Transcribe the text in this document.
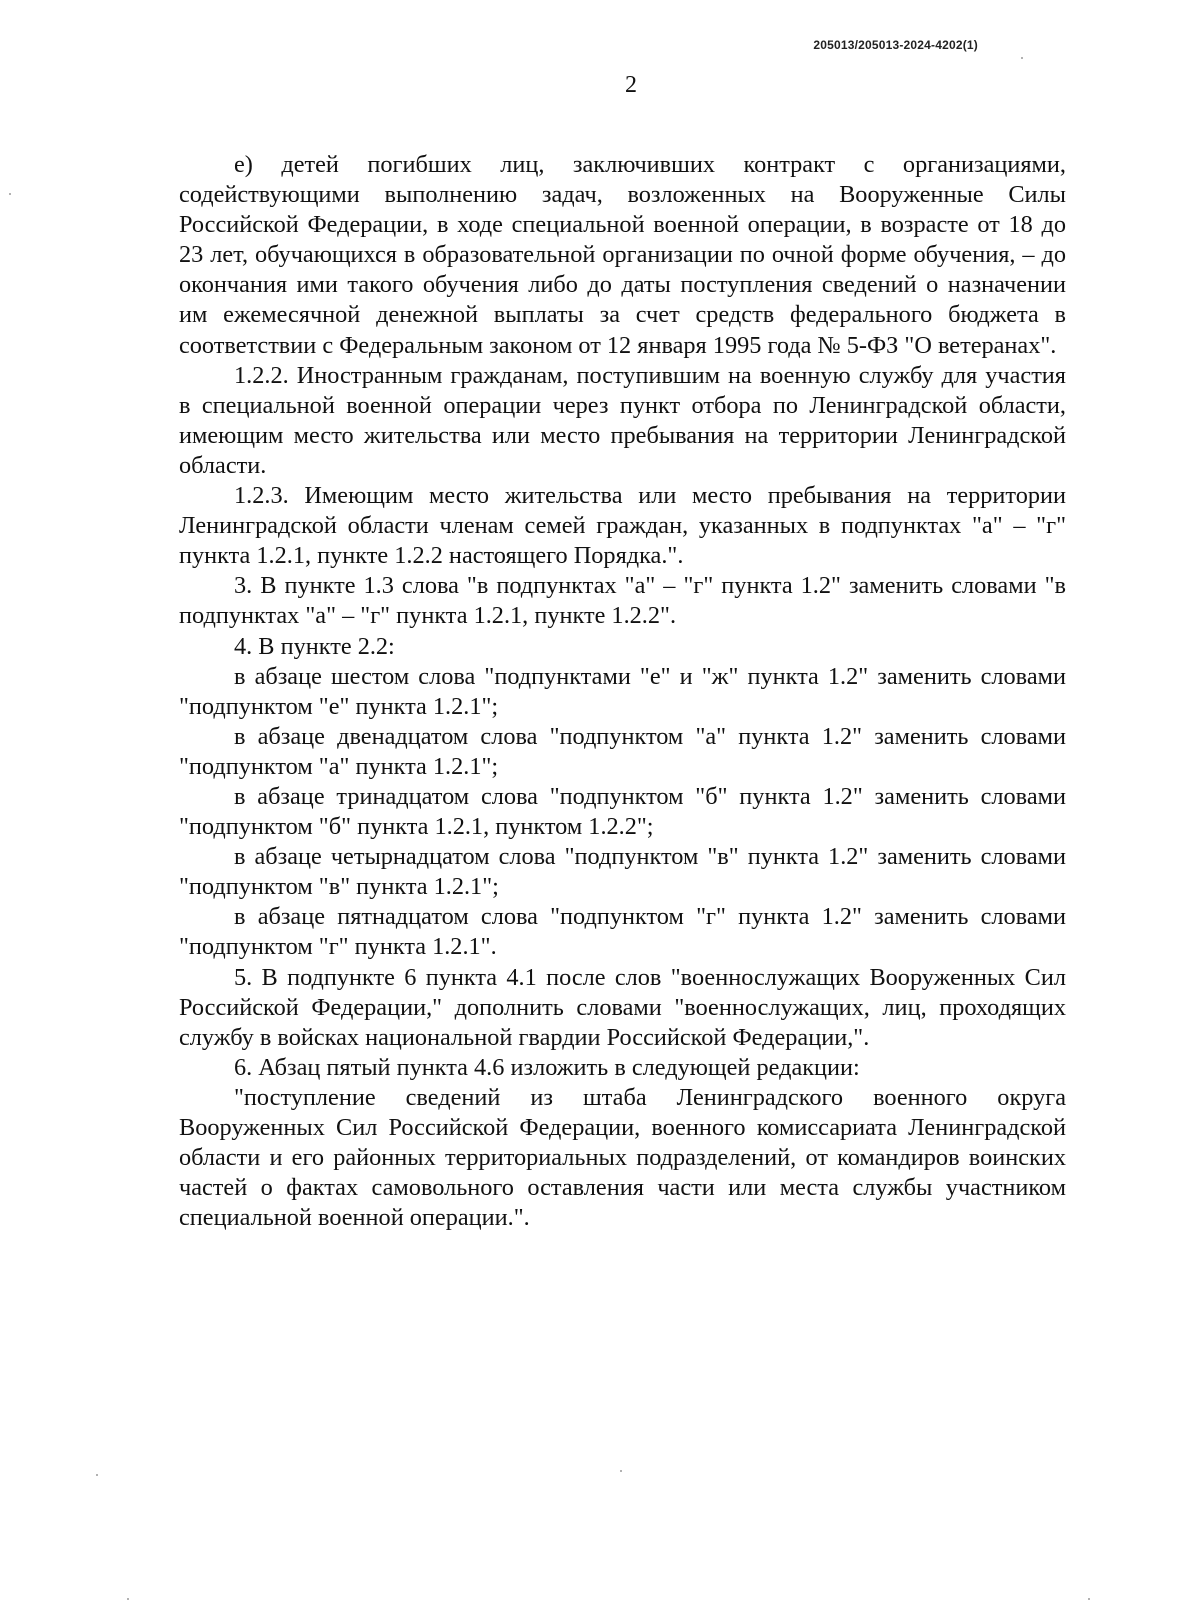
205013/205013-2024-4202(1)
2

е) детей погибших лиц, заключивших контракт с организациями, содействующими выполнению задач, возложенных на Вооруженные Силы Российской Федерации, в ходе специальной военной операции, в возрасте от 18 до 23 лет, обучающихся в образовательной организации по очной форме обучения, – до окончания ими такого обучения либо до даты поступления сведений о назначении им ежемесячной денежной выплаты за счет средств федерального бюджета в соответствии с Федеральным законом от 12 января 1995 года № 5-ФЗ "О ветеранах".

1.2.2. Иностранным гражданам, поступившим на военную службу для участия в специальной военной операции через пункт отбора по Ленинградской области, имеющим место жительства или место пребывания на территории Ленинградской области.

1.2.3. Имеющим место жительства или место пребывания на территории Ленинградской области членам семей граждан, указанных в подпунктах "а" – "г" пункта 1.2.1, пункте 1.2.2 настоящего Порядка.".

3. В пункте 1.3 слова "в подпунктах "а" – "г" пункта 1.2" заменить словами "в подпунктах "а" – "г" пункта 1.2.1, пункте 1.2.2".

4. В пункте 2.2:

в абзаце шестом слова "подпунктами "е" и "ж" пункта 1.2" заменить словами "подпунктом "е" пункта 1.2.1";

в абзаце двенадцатом слова "подпунктом "а" пункта 1.2" заменить словами "подпунктом "а" пункта 1.2.1";

в абзаце тринадцатом слова "подпунктом "б" пункта 1.2" заменить словами "подпунктом "б" пункта 1.2.1, пунктом 1.2.2";

в абзаце четырнадцатом слова "подпунктом "в" пункта 1.2" заменить словами "подпунктом "в" пункта 1.2.1";

в абзаце пятнадцатом слова "подпунктом "г" пункта 1.2" заменить словами "подпунктом "г" пункта 1.2.1".

5. В подпункте 6 пункта 4.1 после слов "военнослужащих Вооруженных Сил Российской Федерации," дополнить словами "военнослужащих, лиц, проходящих службу в войсках национальной гвардии Российской Федерации,".

6. Абзац пятый пункта 4.6 изложить в следующей редакции:

"поступление сведений из штаба Ленинградского военного округа Вооруженных Сил Российской Федерации, военного комиссариата Ленинградской области и его районных территориальных подразделений, от командиров воинских частей о фактах самовольного оставления части или места службы участником специальной военной операции.".
